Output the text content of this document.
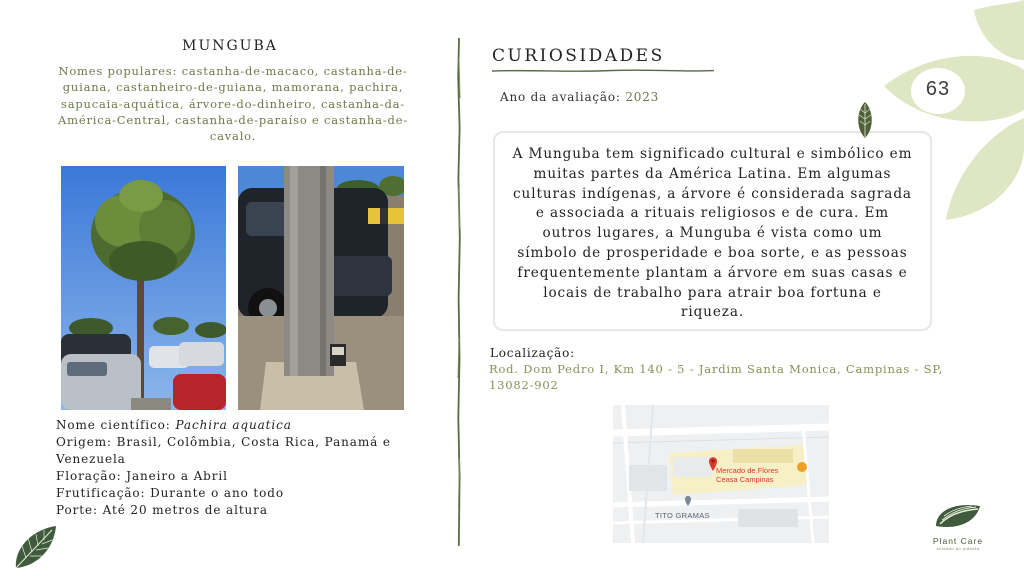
MUNGUBA
Nomes populares: castanha-de-macaco, castanha-de-guiana, castanheiro-de-guiana, mamorana, pachira, sapucaia-aquática, árvore-do-dinheiro, castanha-da-América-Central, castanha-de-paraíso e castanha-de-cavalo.
Nome científico: Pachira aquatica
Origem: Brasil, Colômbia, Costa Rica, Panamá e Venezuela
Floração: Janeiro a Abril
Frutificação: Durante o ano todo
Porte: Até 20 metros de altura
CURIOSIDADES
Ano da avaliação: 2023
A Munguba tem significado cultural e simbólico em muitas partes da América Latina. Em algumas culturas indígenas, a árvore é considerada sagrada e associada a rituais religiosos e de cura. Em outros lugares, a Munguba é vista como um símbolo de prosperidade e boa sorte, e as pessoas frequentemente plantam a árvore em suas casas e locais de trabalho para atrair boa fortuna e riqueza.
Localização:
Rod. Dom Pedro I, Km 140 - 5 - Jardim Santa Monica, Campinas - SP, 13082-902
Mercado de Flores
Ceasa Campinas
TITO GRAMAS
63
Plant Care
cuidado ao planeta
